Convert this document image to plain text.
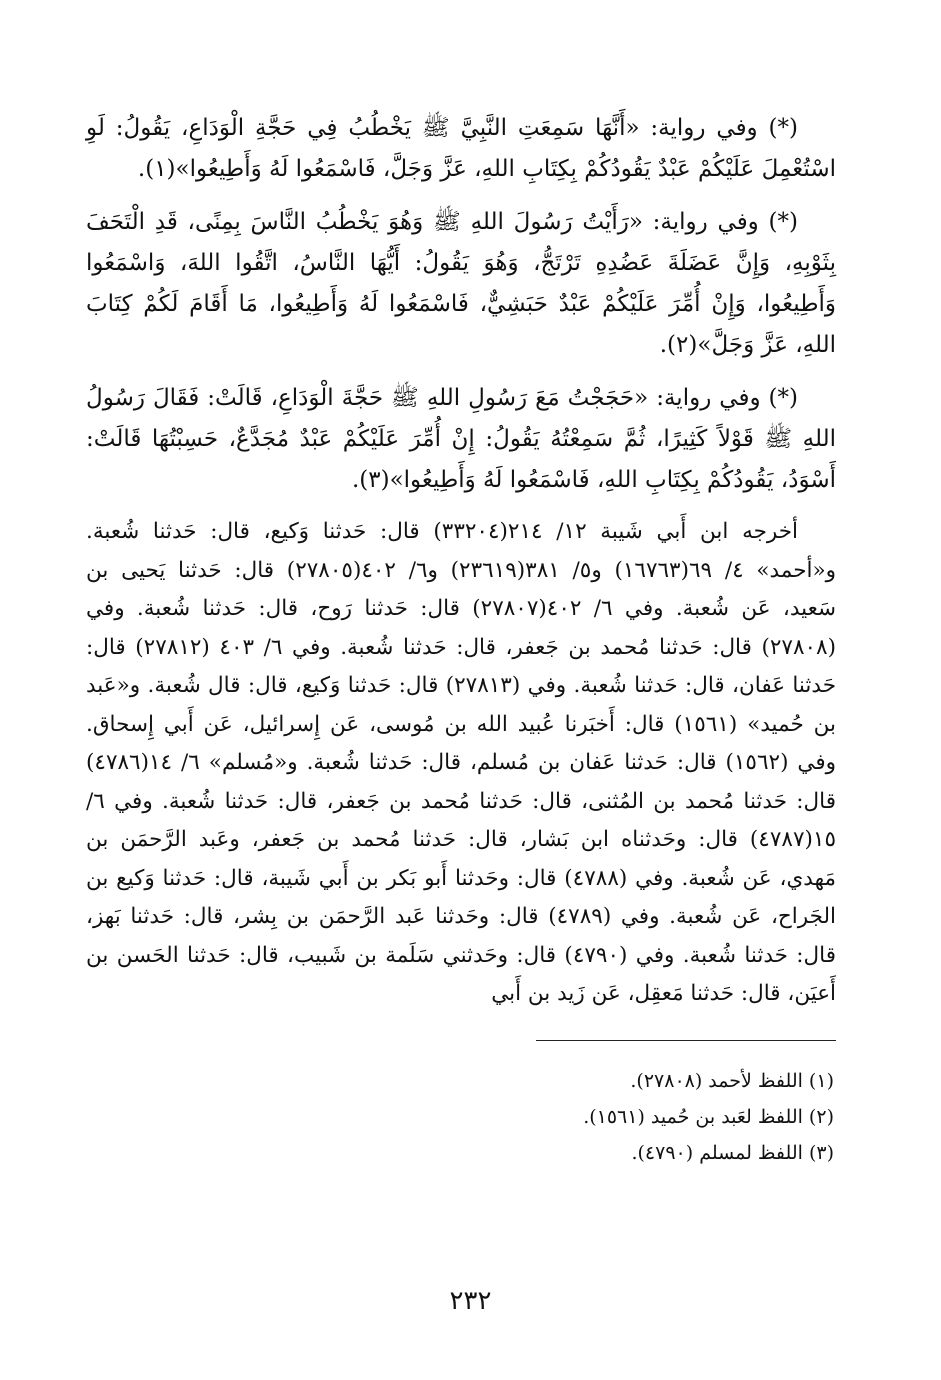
(*) وفي رواية: «أَنَّهَا سَمِعَتِ النَّبِيَّ ﷺ يَخْطُبُ فِي حَجَّةِ الْوَدَاعِ، يَقُولُ: لَوِ اسْتُعْمِلَ عَلَيْكُمْ عَبْدٌ يَقُودُكُمْ بِكِتَابِ اللهِ، عَزَّ وَجَلَّ، فَاسْمَعُوا لَهُ وَأَطِيعُوا»(١).

(*) وفي رواية: «رَأَيْتُ رَسُولَ اللهِ ﷺ وَهُوَ يَخْطُبُ النَّاسَ بِمِنًى، قَدِ الْتَحَفَ بِثَوْبِهِ، وَإِنَّ عَضَلَةَ عَضُدِهِ تَرْتَجُّ، وَهُوَ يَقُولُ: أَيُّهَا النَّاسُ، اتَّقُوا اللهَ، وَاسْمَعُوا وَأَطِيعُوا، وَإِنْ أُمِّرَ عَلَيْكُمْ عَبْدٌ حَبَشِيٌّ، فَاسْمَعُوا لَهُ وَأَطِيعُوا، مَا أَقَامَ لَكُمْ كِتَابَ اللهِ، عَزَّ وَجَلَّ»(٢).

(*) وفي رواية: «حَجَجْتُ مَعَ رَسُولِ اللهِ ﷺ حَجَّةَ الْوَدَاعِ، قَالَتْ: فَقَالَ رَسُولُ اللهِ ﷺ قَوْلاً كَثِيرًا، ثُمَّ سَمِعْتُهُ يَقُولُ: إِنْ أُمِّرَ عَلَيْكُمْ عَبْدٌ مُجَدَّعٌ، حَسِبْتُهَا قَالَتْ: أَسْوَدُ، يَقُودُكُمْ بِكِتَابِ اللهِ، فَاسْمَعُوا لَهُ وَأَطِيعُوا»(٣).

أخرجه ابن أَبي شَيبة ١٢/ ٢١٤(٣٣٢٠٤) قال: حَدثنا وَكيع، قال: حَدثنا شُعبة. و«أحمد» ٤/ ٦٩(١٦٧٦٣) و٥/ ٣٨١(٢٣٦١٩) و٦/ ٤٠٢(٢٧٨٠٥) قال: حَدثنا يَحيى بن سَعيد، عَن شُعبة. وفي ٦/ ٤٠٢(٢٧٨٠٧) قال: حَدثنا رَوح، قال: حَدثنا شُعبة. وفي (٢٧٨٠٨) قال: حَدثنا مُحمد بن جَعفر، قال: حَدثنا شُعبة. وفي ٦/ ٤٠٣ (٢٧٨١٢) قال: حَدثنا عَفان، قال: حَدثنا شُعبة. وفي (٢٧٨١٣) قال: حَدثنا وَكيع، قال: قال شُعبة. و«عَبد بن حُميد» (١٥٦١) قال: أَخبَرنا عُبيد الله بن مُوسى، عَن إِسرائيل، عَن أَبي إِسحاق. وفي (١٥٦٢) قال: حَدثنا عَفان بن مُسلم، قال: حَدثنا شُعبة. و«مُسلم» ٦/ ١٤(٤٧٨٦) قال: حَدثنا مُحمد بن المُثنى، قال: حَدثنا مُحمد بن جَعفر، قال: حَدثنا شُعبة. وفي ٦/ ١٥(٤٧٨٧) قال: وحَدثناه ابن بَشار، قال: حَدثنا مُحمد بن جَعفر، وعَبد الرَّحمَن بن مَهدي، عَن شُعبة. وفي (٤٧٨٨) قال: وحَدثنا أَبو بَكر بن أَبي شَيبة، قال: حَدثنا وَكيع بن الجَراح، عَن شُعبة. وفي (٤٧٨٩) قال: وحَدثنا عَبد الرَّحمَن بن بِشر، قال: حَدثنا بَهز، قال: حَدثنا شُعبة. وفي (٤٧٩٠) قال: وحَدثني سَلَمة بن شَبيب، قال: حَدثنا الحَسن بن أَعيَن، قال: حَدثنا مَعقِل، عَن زَيد بن أَبي

(١) اللفظ لأحمد (٢٧٨٠٨).
(٢) اللفظ لعَبد بن حُميد (١٥٦١).
(٣) اللفظ لمسلم (٤٧٩٠).
٢٣٢
